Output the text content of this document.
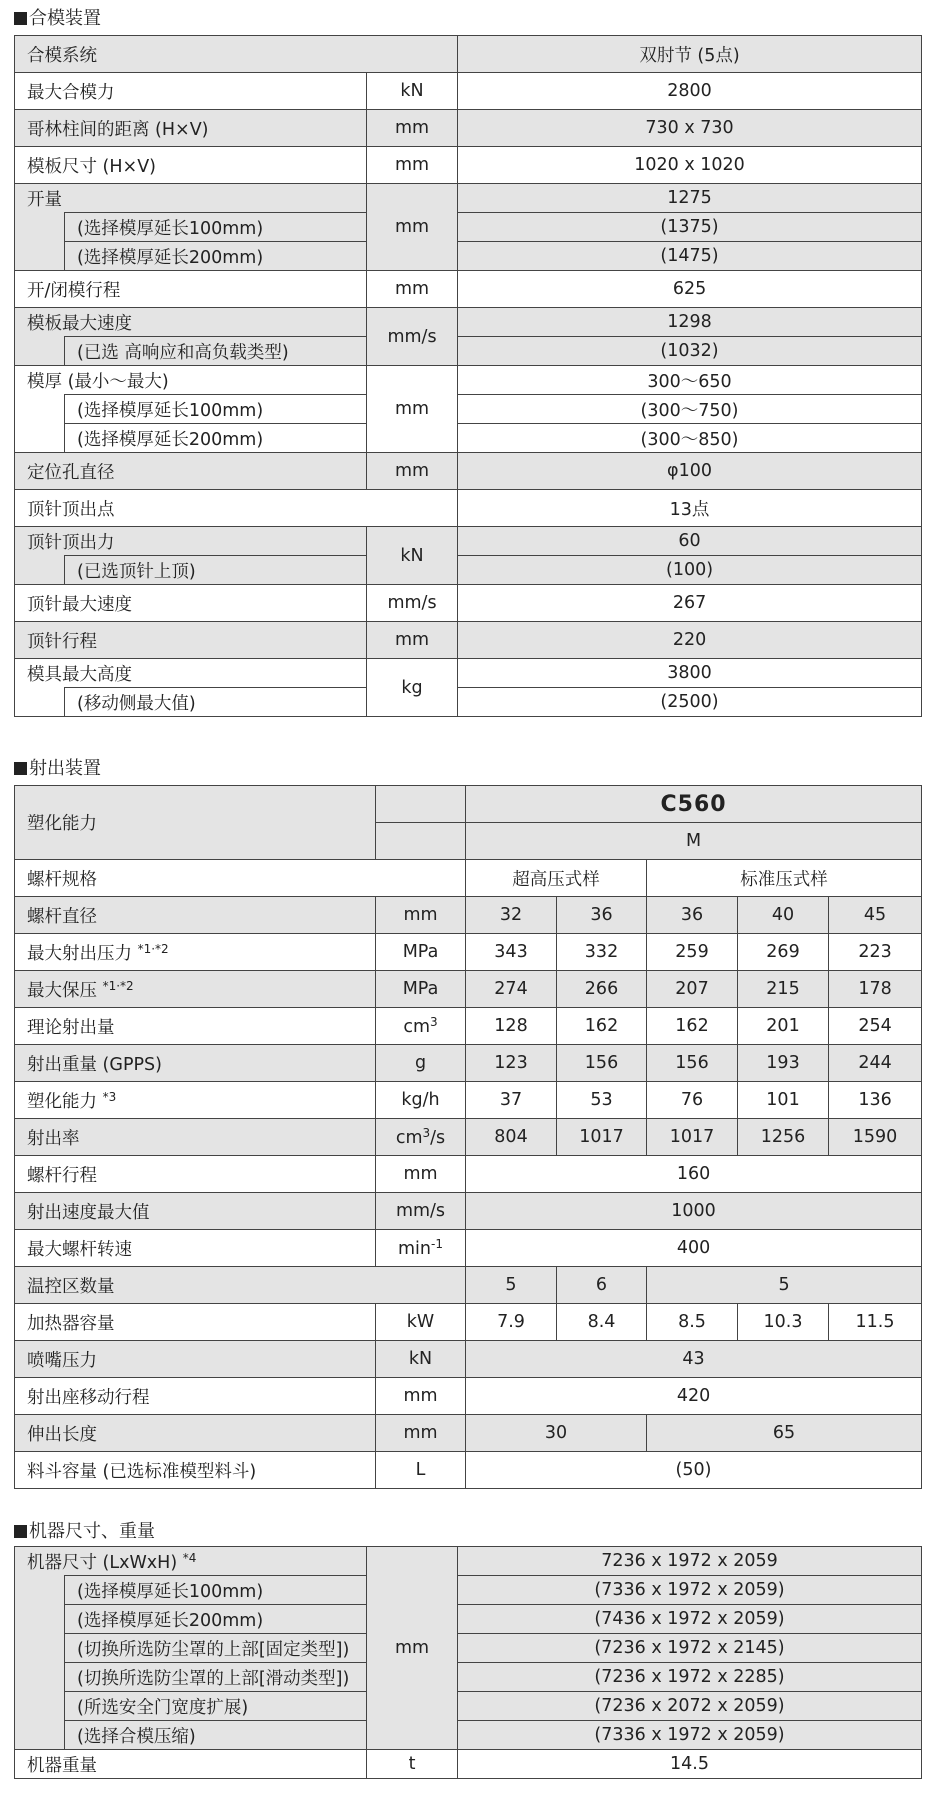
合模装置
合模系统			双肘节 (5点)
最大合模力		kN	2800
哥林柱间的距离 (H×V)		mm	730 x 730
模板尺寸 (H×V)		mm	1020 x 1020
开量		mm	1275
	(选择模厚延长100mm)		(1375)
	(选择模厚延长200mm)		(1475)
开/闭模行程		mm	625
模板最大速度		mm/s	1298
	(已选 高响应和高负载类型)		(1032)
模厚 (最小～最大)		mm	300～650
	(选择模厚延长100mm)		(300～750)
	(选择模厚延长200mm)		(300～850)
定位孔直径		mm	φ100
顶针顶出点			13点
顶针顶出力		kN	60
	(已选顶针上顶)		(100)
顶针最大速度		mm/s	267
顶针行程		mm	220
模具最大高度		kg	3800
	(移动侧最大值)		(2500)
射出装置
塑化能力		C560				
		M				
螺杆规格		超高压式样		标准压式样		
螺杆直径	mm	32	36	36	40	45
最大射出压力 $^{*1\cdot*2}$	MPa	343	332	259	269	223
最大保压 $^{*1\cdot*2}$	MPa	274	266	207	215	178
理论射出量	$cm^3$	128	162	162	201	254
射出重量 (GPPS)	g	123	156	156	193	244
塑化能力 $^{*3}$	kg/h	37	53	76	101	136
射出率	$cm^3/s$	804	1017	1017	1256	1590
螺杆行程	mm	160				
射出速度最大值	mm/s	1000				
最大螺杆转速	$\min^{-1}$	400				
温控区数量		5	6	5		
加热器容量	kW	7.9	8.4	8.5	10.3	11.5
喷嘴压力	kN	43				
射出座移动行程	mm	420				
伸出长度	mm	30		65		
料斗容量 (已选标准模型料斗)	L	(50)				
机器尺寸、重量
机器尺寸 (LxWxH) $^{*4}$		mm	7236 x 1972 x 2059
	(选择模厚延长100mm)		(7336 x 1972 x 2059)
	(选择模厚延长200mm)		(7436 x 1972 x 2059)
	(切换所选防尘罩的上部[固定类型])		(7236 x 1972 x 2145)
	(切换所选防尘罩的上部[滑动类型])		(7236 x 1972 x 2285)
	(所选安全门宽度扩展)		(7236 x 2072 x 2059)
	(选择合模压缩)		(7336 x 1972 x 2059)
机器重量		t	14.5
